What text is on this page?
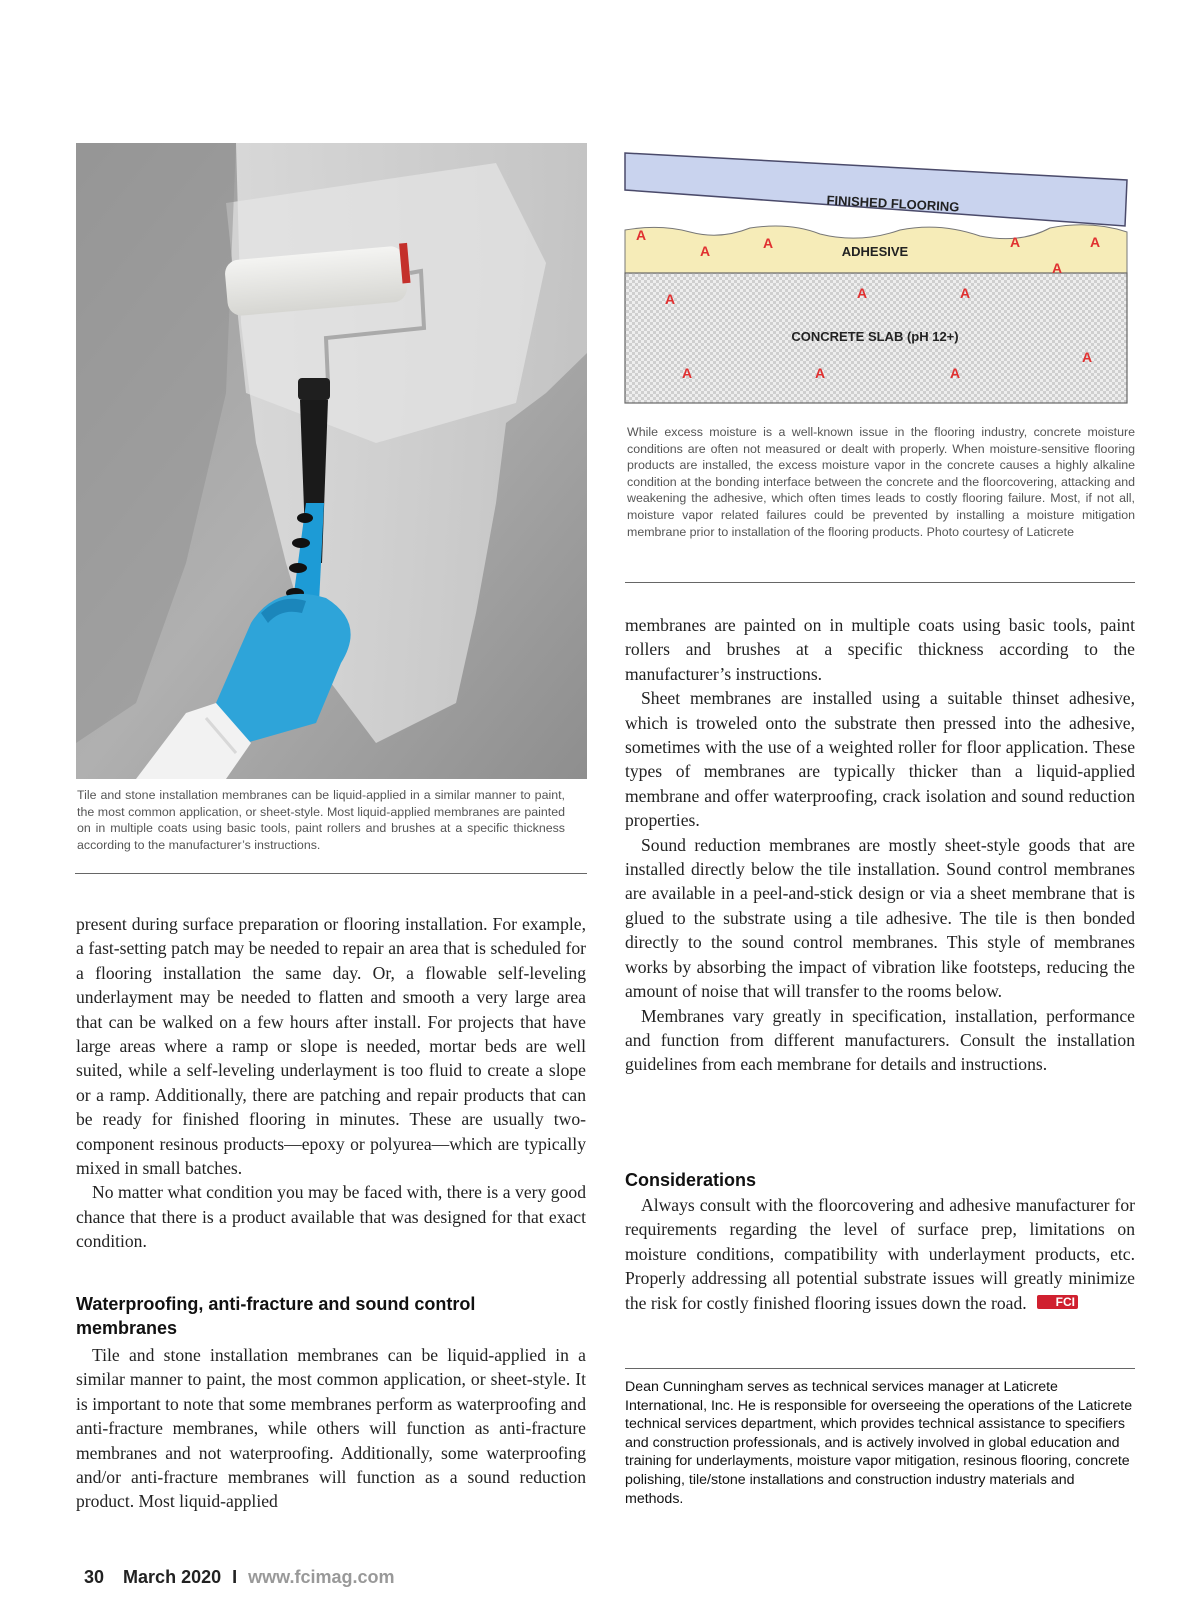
Tile and stone installation membranes can be liquid-applied in a similar manner to paint, the most common application, or sheet-style. Most liquid-applied membranes are painted on in multiple coats using basic tools, paint rollers and brushes at a specific thickness according to the manufacturer’s instructions.
FINISHED FLOORING
ADHESIVE
CONCRETE SLAB (pH 12+)
A
A	A	A	A
A
A	A	A
A
A	A	A
While excess moisture is a well-known issue in the flooring industry, concrete moisture conditions are often not measured or dealt with properly. When moisture-sensitive flooring products are installed, the excess moisture vapor in the concrete causes a highly alkaline condition at the bonding interface between the concrete and the floorcovering, attacking and weakening the adhesive, which often times leads to costly flooring failure. Most, if not all, moisture vapor related failures could be prevented by installing a moisture mitigation membrane prior to installation of the flooring products. Photo courtesy of Laticrete

present during surface preparation or flooring installation. For example, a fast-setting patch may be needed to repair an area that is scheduled for a flooring installation the same day. Or, a flowable self-leveling underlayment may be needed to flatten and smooth a very large area that can be walked on a few hours after install. For projects that have large areas where a ramp or slope is needed, mortar beds are well suited, while a self-leveling underlayment is too fluid to create a slope or a ramp. Additionally, there are patching and repair products that can be ready for finished flooring in minutes. These are usually two-component resinous products—epoxy or polyurea—which are typically mixed in small batches.

No matter what condition you may be faced with, there is a very good chance that there is a product available that was designed for that exact condition.

Waterproofing, anti-fracture and sound control membranes

Tile and stone installation membranes can be liquid-applied in a similar manner to paint, the most common application, or sheet-style. It is important to note that some membranes perform as waterproofing and anti-fracture membranes, while others will function as anti-fracture membranes and not waterproofing. Additionally, some waterproofing and/or anti-fracture membranes will function as a sound reduction product. Most liquid-applied

membranes are painted on in multiple coats using basic tools, paint rollers and brushes at a specific thickness according to the manufacturer’s instructions.

Sheet membranes are installed using a suitable thinset adhesive, which is troweled onto the substrate then pressed into the adhesive, sometimes with the use of a weighted roller for floor application. These types of membranes are typically thicker than a liquid-applied membrane and offer waterproofing, crack isolation and sound reduction properties.

Sound reduction membranes are mostly sheet-style goods that are installed directly below the tile installation. Sound control membranes are available in a peel-and-stick design or via a sheet membrane that is glued to the substrate using a tile adhesive. The tile is then bonded directly to the sound control membranes. This style of membranes works by absorbing the impact of vibration like footsteps, reducing the amount of noise that will transfer to the rooms below.

Membranes vary greatly in specification, installation, performance and function from different manufacturers. Consult the installation guidelines from each membrane for details and instructions.

Considerations

Always consult with the floorcovering and adhesive manufacturer for requirements regarding the level of surface prep, limitations on moisture conditions, compatibility with underlayment products, etc. Properly addressing all potential substrate issues will greatly minimize the risk for costly finished flooring issues down the road. FCI

Dean Cunningham serves as technical services manager at Laticrete International, Inc. He is responsible for overseeing the operations of the Laticrete technical services department, which provides technical assistance to specifiers and construction professionals, and is actively involved in global education and training for underlayments, moisture vapor mitigation, resinous flooring, concrete polishing, tile/stone installations and construction industry materials and methods.
30 March 2020 I www.fcimag.com
